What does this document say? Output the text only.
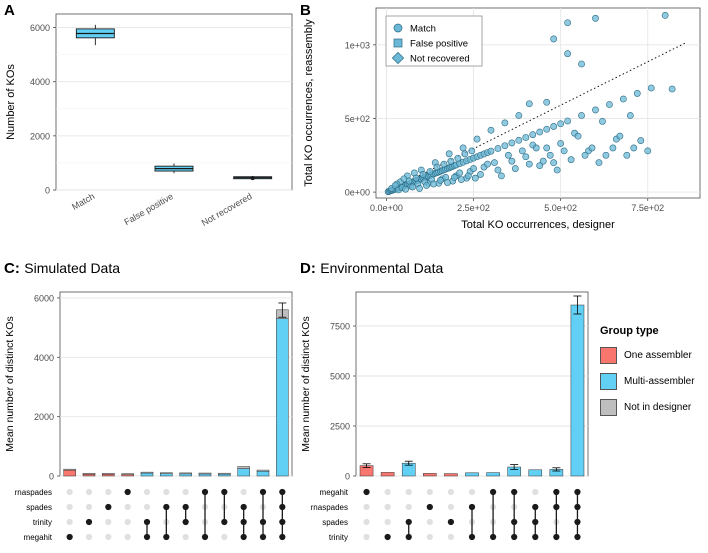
A
0
2000
4000
6000
Match	False positive	Not recovered
Number of KOs
B
0.0e+00	2.5e+02	5.0e+02	7.5e+02
0e+00
5e+02
1e+03
Total KO occurrences, designer
Total KO occurrences, reassembly	Match
False positive
Not recovered
C: Simulated Data
0
2000
4000
6000
rnaspades
spades
trinity
megahit
Mean number of distinct KOs
D: Environmental Data
0
2500
5000
7500
megahit
rnaspades
spades
trinity
Mean number of distinct KOs	Group type
One assembler
Multi-assembler
Not in designer
